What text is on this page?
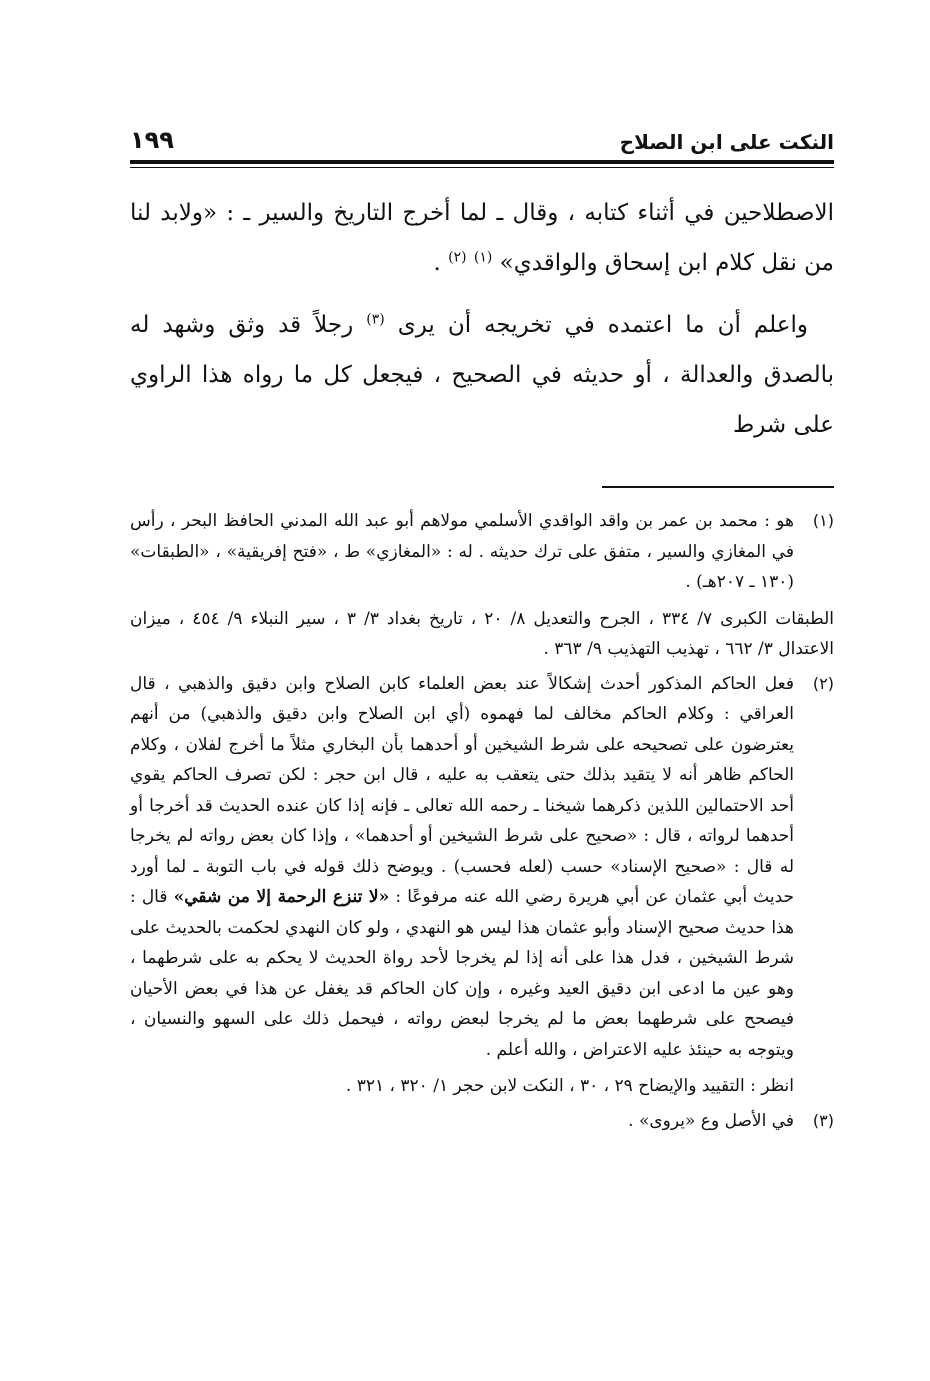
النكت على ابن الصلاح
١٩٩

الاصطلاحين في أثناء كتابه ، وقال ـ لما أخرج التاريخ والسير ـ : «ولابد لنا من نقل كلام ابن إسحاق والواقدي» $^{(١)}$ $^{(٢)}$ .

واعلم أن ما اعتمده في تخريجه أن يرى $^{(٣)}$ رجلاً قد وثق وشهد له بالصدق والعدالة ، أو حديثه في الصحيح ، فيجعل كل ما رواه هذا الراوي على شرط

(١)

هو : محمد بن عمر بن واقد الواقدي الأسلمي مولاهم أبو عبد الله المدني الحافظ البحر ، رأس في المغازي والسير ، متفق على ترك حديثه . له : «المغازي» ط ، «فتح إفريقية» ، «الطبقات» (١٣٠ ـ ٢٠٧هـ) .

الطبقات الكبرى ٧/ ٣٣٤ ، الجرح والتعديل ٨/ ٢٠ ، تاريخ بغداد ٣/ ٣ ، سير النبلاء ٩/ ٤٥٤ ، ميزان الاعتدال ٣/ ٦٦٢ ، تهذيب التهذيب ٩/ ٣٦٣ .

(٢)

فعل الحاكم المذكور أحدث إشكالاً عند بعض العلماء كابن الصلاح وابن دقيق والذهبي ، قال العراقي : وكلام الحاكم مخالف لما فهموه (أي ابن الصلاح وابن دقيق والذهبي) من أنهم يعترضون على تصحيحه على شرط الشيخين أو أحدهما بأن البخاري مثلاً ما أخرج لفلان ، وكلام الحاكم ظاهر أنه لا يتقيد بذلك حتى يتعقب به عليه ، قال ابن حجر : لكن تصرف الحاكم يقوي أحد الاحتمالين اللذين ذكرهما شيخنا ـ رحمه الله تعالى ـ فإنه إذا كان عنده الحديث قد أخرجا أو أحدهما لرواته ، قال : «صحيح على شرط الشيخين أو أحدهما» ، وإذا كان بعض رواته لم يخرجا له قال : «صحيح الإسناد» حسب (لعله فحسب) . ويوضح ذلك قوله في باب التوبة ـ لما أورد حديث أبي عثمان عن أبي هريرة رضي الله عنه مرفوعًا : «لا تنزع الرحمة إلا من شقي» قال : هذا حديث صحيح الإسناد وأبو عثمان هذا ليس هو النهدي ، ولو كان النهدي لحكمت بالحديث على شرط الشيخين ، فدل هذا على أنه إذا لم يخرجا لأحد رواة الحديث لا يحكم به على شرطهما ، وهو عين ما ادعى ابن دقيق العيد وغيره ، وإن كان الحاكم قد يغفل عن هذا في بعض الأحيان فيصحح على شرطهما بعض ما لم يخرجا لبعض رواته ، فيحمل ذلك على السهو والنسيان ، ويتوجه به حينئذ عليه الاعتراض ، والله أعلم .

انظر : التقييد والإيضاح ٢٩ ، ٣٠ ، النكت لابن حجر ١/ ٣٢٠ ، ٣٢١ .

(٣)

في الأصل وع «يروى» .
